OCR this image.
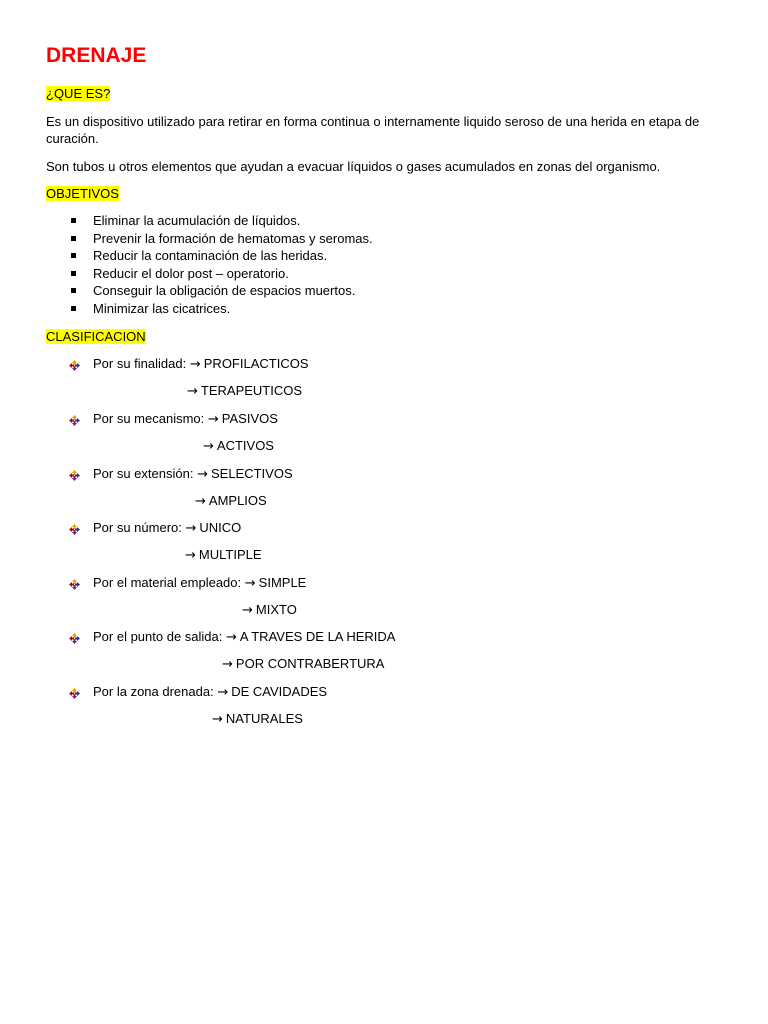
DRENAJE
¿QUE ES?
Es un dispositivo utilizado para retirar en forma continua o internamente liquido seroso de una herida en etapa de curación.
Son tubos u otros elementos que ayudan a evacuar líquidos o gases acumulados en zonas del organismo.
OBJETIVOS
Eliminar la acumulación de líquidos.
Prevenir la formación de hematomas y seromas.
Reducir la contaminación de las heridas.
Reducir el dolor post – operatorio.
Conseguir la obligación de espacios muertos.
Minimizar las cicatrices.
CLASIFICACION
Por su finalidad: → PROFILACTICOS
→ TERAPEUTICOS
Por su mecanismo: → PASIVOS
→ ACTIVOS
Por su extensión: → SELECTIVOS
→ AMPLIOS
Por su número: → UNICO
→ MULTIPLE
Por el material empleado: → SIMPLE
→ MIXTO
Por el punto de salida: → A TRAVES DE LA HERIDA
→ POR CONTRABERTURA
Por la zona drenada: → DE CAVIDADES
→ NATURALES
